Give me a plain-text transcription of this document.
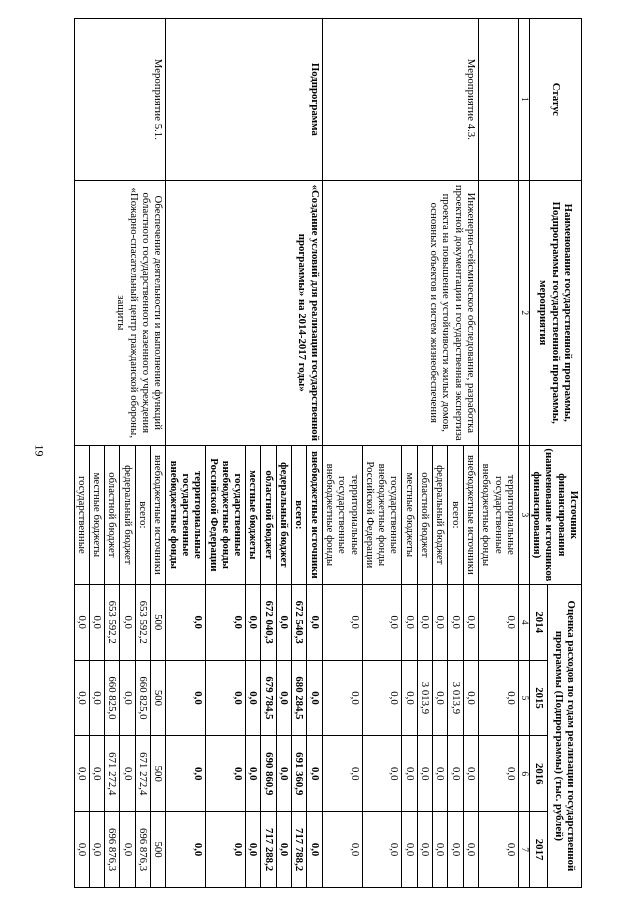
19
Статус	Наименование государственной программы, Подпрограммы государственной программы, мероприятия	Источник финансирования (наименование источников финансирования)	Оценка расходов по годам реализации государственной программы (Подпрограммы) (тыс. рублей)			
			2014	2015	2016	2017
1	2	3	4	5	6	7
		территориальные государственные внебюджетные фонды	0,0	0,0	0,0	0,0
Мероприятие 4.3.	Инженерно-сейсмическое обследование, разработка проектной документации и государственная экспертиза проекта на повышение устойчивости жилых домов, основных объектов и систем жизнеобеспечения	внебюджетные источники	0,0	0,0	0,0	0,0
		всего:	0,0	3 013,9	0,0	0,0
		федеральный бюджет	0,0	0,0	0,0	0,0
		областной бюджет	0,0	3 013,9	0,0	0,0
		местные бюджеты	0,0	0,0	0,0	0,0
		государственные внебюджетные фонды Российской Федерации	0,0	0,0	0,0	0,0
		территориальные государственные внебюджетные фонды	0,0	0,0	0,0	0,0
Подпрограмма	«Создание условий для реализации государственной программы» на 2014-2017 годы»	внебюджетные источники	0,0	0,0	0,0	0,0
		всего:	672 540,3	680 284,5	691 360,9	717 788,2
		федеральный бюджет	0,0	0,0	0,0	0,0
		областной бюджет	672 040,3	679 784,5	690 860,9	717 288,2
		местные бюджеты	0,0	0,0	0,0	0,0
		государственные внебюджетные фонды Российской Федерации	0,0	0,0	0,0	0,0
		территориальные государственные внебюджетные фонды	0,0	0,0	0,0	0,0
Мероприятие 5.1.	Обеспечение деятельности и выполнение функций областного государственного казенного учреждения «Пожарно-спасательный центр гражданской обороны, защиты	внебюджетные источники	500	500	500	500
		всего:	653 592,2	660 825,0	671 272,4	696 876,3
		федеральный бюджет	0,0	0,0	0,0	0,0
		областной бюджет	653 592,2	660 825,0	671 272,4	696 876,3
		местные бюджеты	0,0	0,0	0,0	0,0
		государственные	0,0	0,0	0,0	0,0
